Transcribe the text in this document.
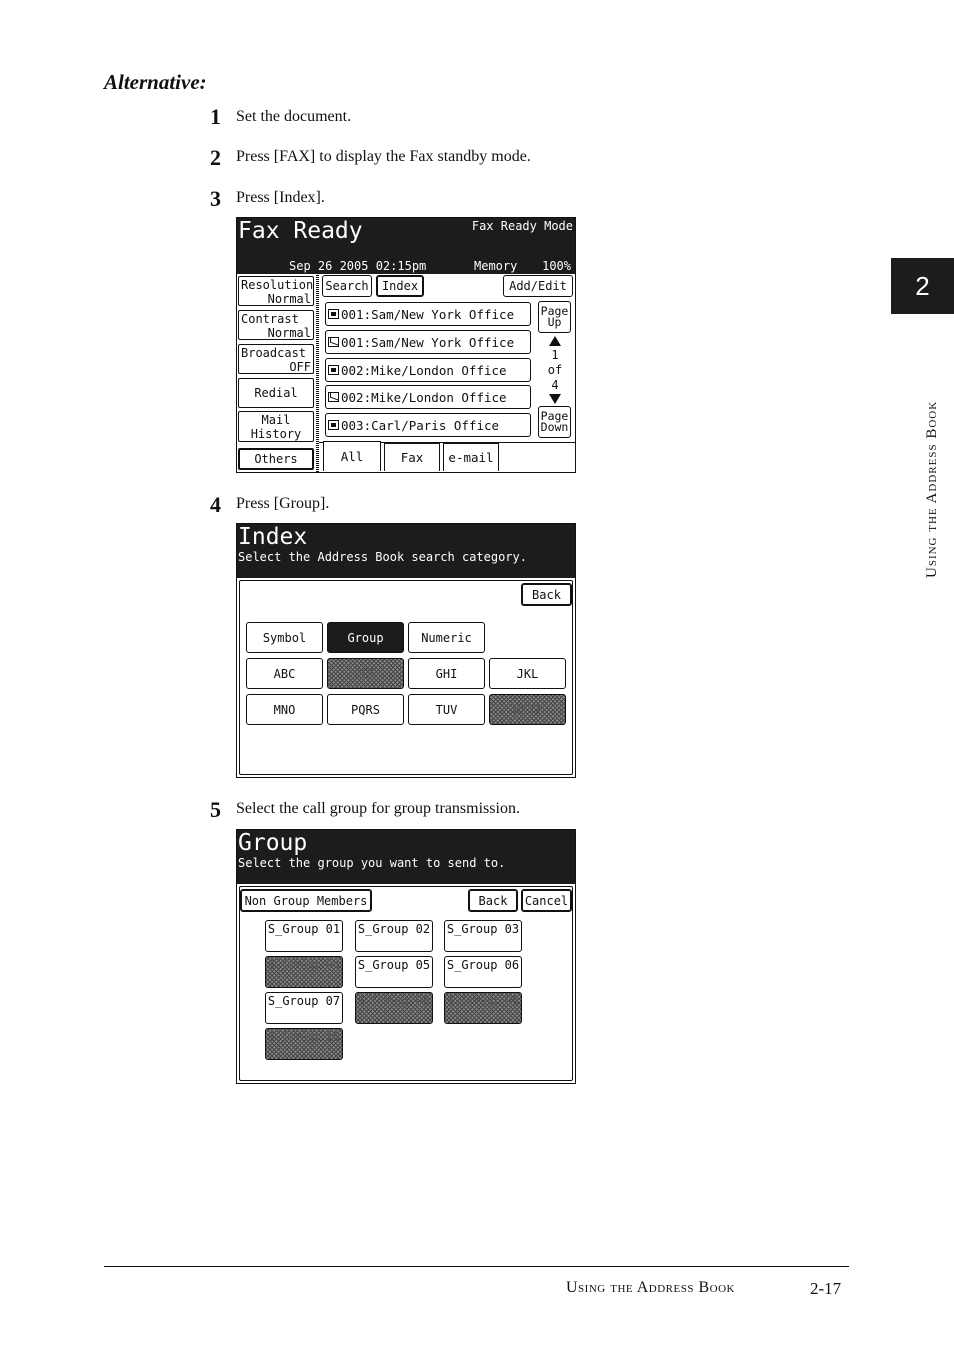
Alternative:
1 Set the document.
2 Press [FAX] to display the Fax standby mode.
3 Press [Index].
Fax Ready	Fax Ready Mode
Sep 26 2005 02:15pm	Memory 100%
Resolution
Normal
Contrast
Normal
Broadcast
OFF
Redial
Mail
History
Others
Search	Index	Add/Edit
001:Sam/New York Office
001:Sam/New York Office
002:Mike/London Office
002:Mike/London Office
003:Carl/Paris Office
Page
Up
1
of
4
Page
Down
All	Fax	e-mail
4 Press [Group].
Index
Select the Address Book search category.
Back
Symbol	Group	Numeric
ABC	DEF	GHI	JKL
MNO	PQRS	TUV	WXYZ
5 Select the call group for group transmission.
Group
Select the group you want to send to.
Non Group Members	Back	Cancel
S_Group 01 S_Group 02 S_Group 03
S_Group 04 S_Group 05 S_Group 06
S_Group 07 S_Group 08 S_Group 09
S_Group 10
2
Using the Address Book
Using the Address Book	2-17
